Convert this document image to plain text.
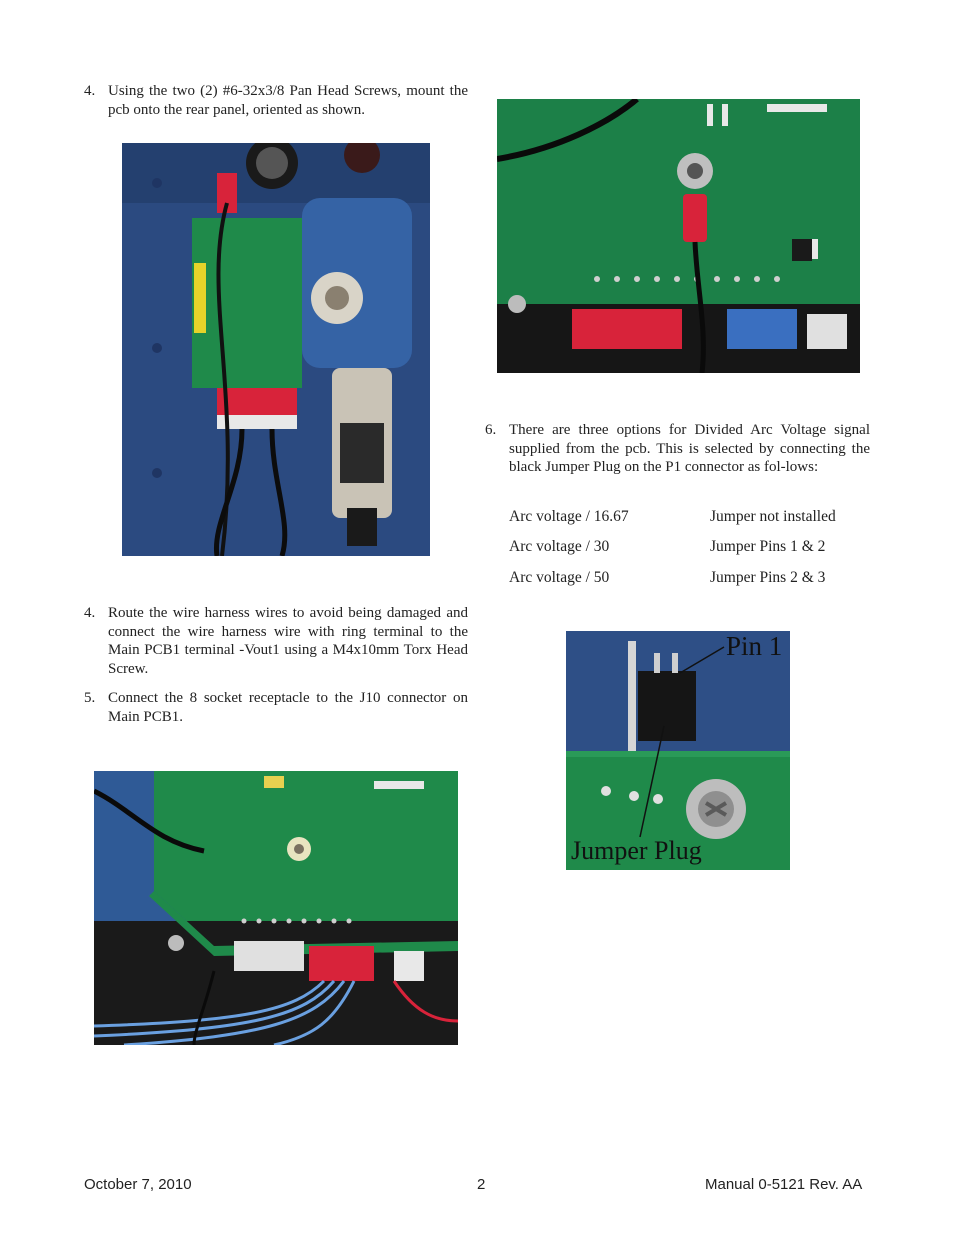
4. Using the two (2) #6-32x3/8 Pan Head Screws, mount the pcb onto the rear panel, oriented as shown.
6. There are three options for Divided Arc Voltage signal supplied from the pcb. This is selected by connecting the black Jumper Plug on the P1 connector as fol-lows:
Arc voltage / 16.67	Jumper not installed
Arc voltage / 30	Jumper Pins 1 & 2
Arc voltage / 50	Jumper Pins 2 & 3
Pin 1
Jumper Plug
4. Route the wire harness wires to avoid being damaged and connect the wire harness wire with ring terminal to the Main PCB1 terminal -Vout1 using a M4x10mm Torx Head Screw.
5. Connect the 8 socket receptacle to the J10 connector on Main PCB1.
October 7, 2010	2	Manual 0-5121 Rev. AA
